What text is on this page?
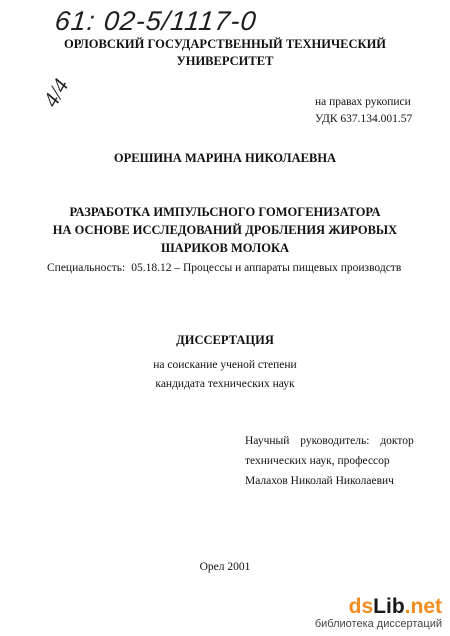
61: 02-5/1117-0
4/4
ОРЛОВСКИЙ ГОСУДАРСТВЕННЫЙ ТЕХНИЧЕСКИЙ
УНИВЕРСИТЕТ
на правах рукописи
УДК 637.134.001.57
ОРЕШИНА МАРИНА НИКОЛАЕВНА
РАЗРАБОТКА ИМПУЛЬСНОГО ГОМОГЕНИЗАТОРА
НА ОСНОВЕ ИССЛЕДОВАНИЙ ДРОБЛЕНИЯ ЖИРОВЫХ
ШАРИКОВ МОЛОКА
Специальность: 05.18.12 – Процессы и аппараты пищевых производств
ДИССЕРТАЦИЯ
на соискание ученой степени
кандидата технических наук
Научный руководитель: доктор
технических наук, профессор
Малахов Николай Николаевич
Орел 2001
dsLib.net
библиотека диссертаций
